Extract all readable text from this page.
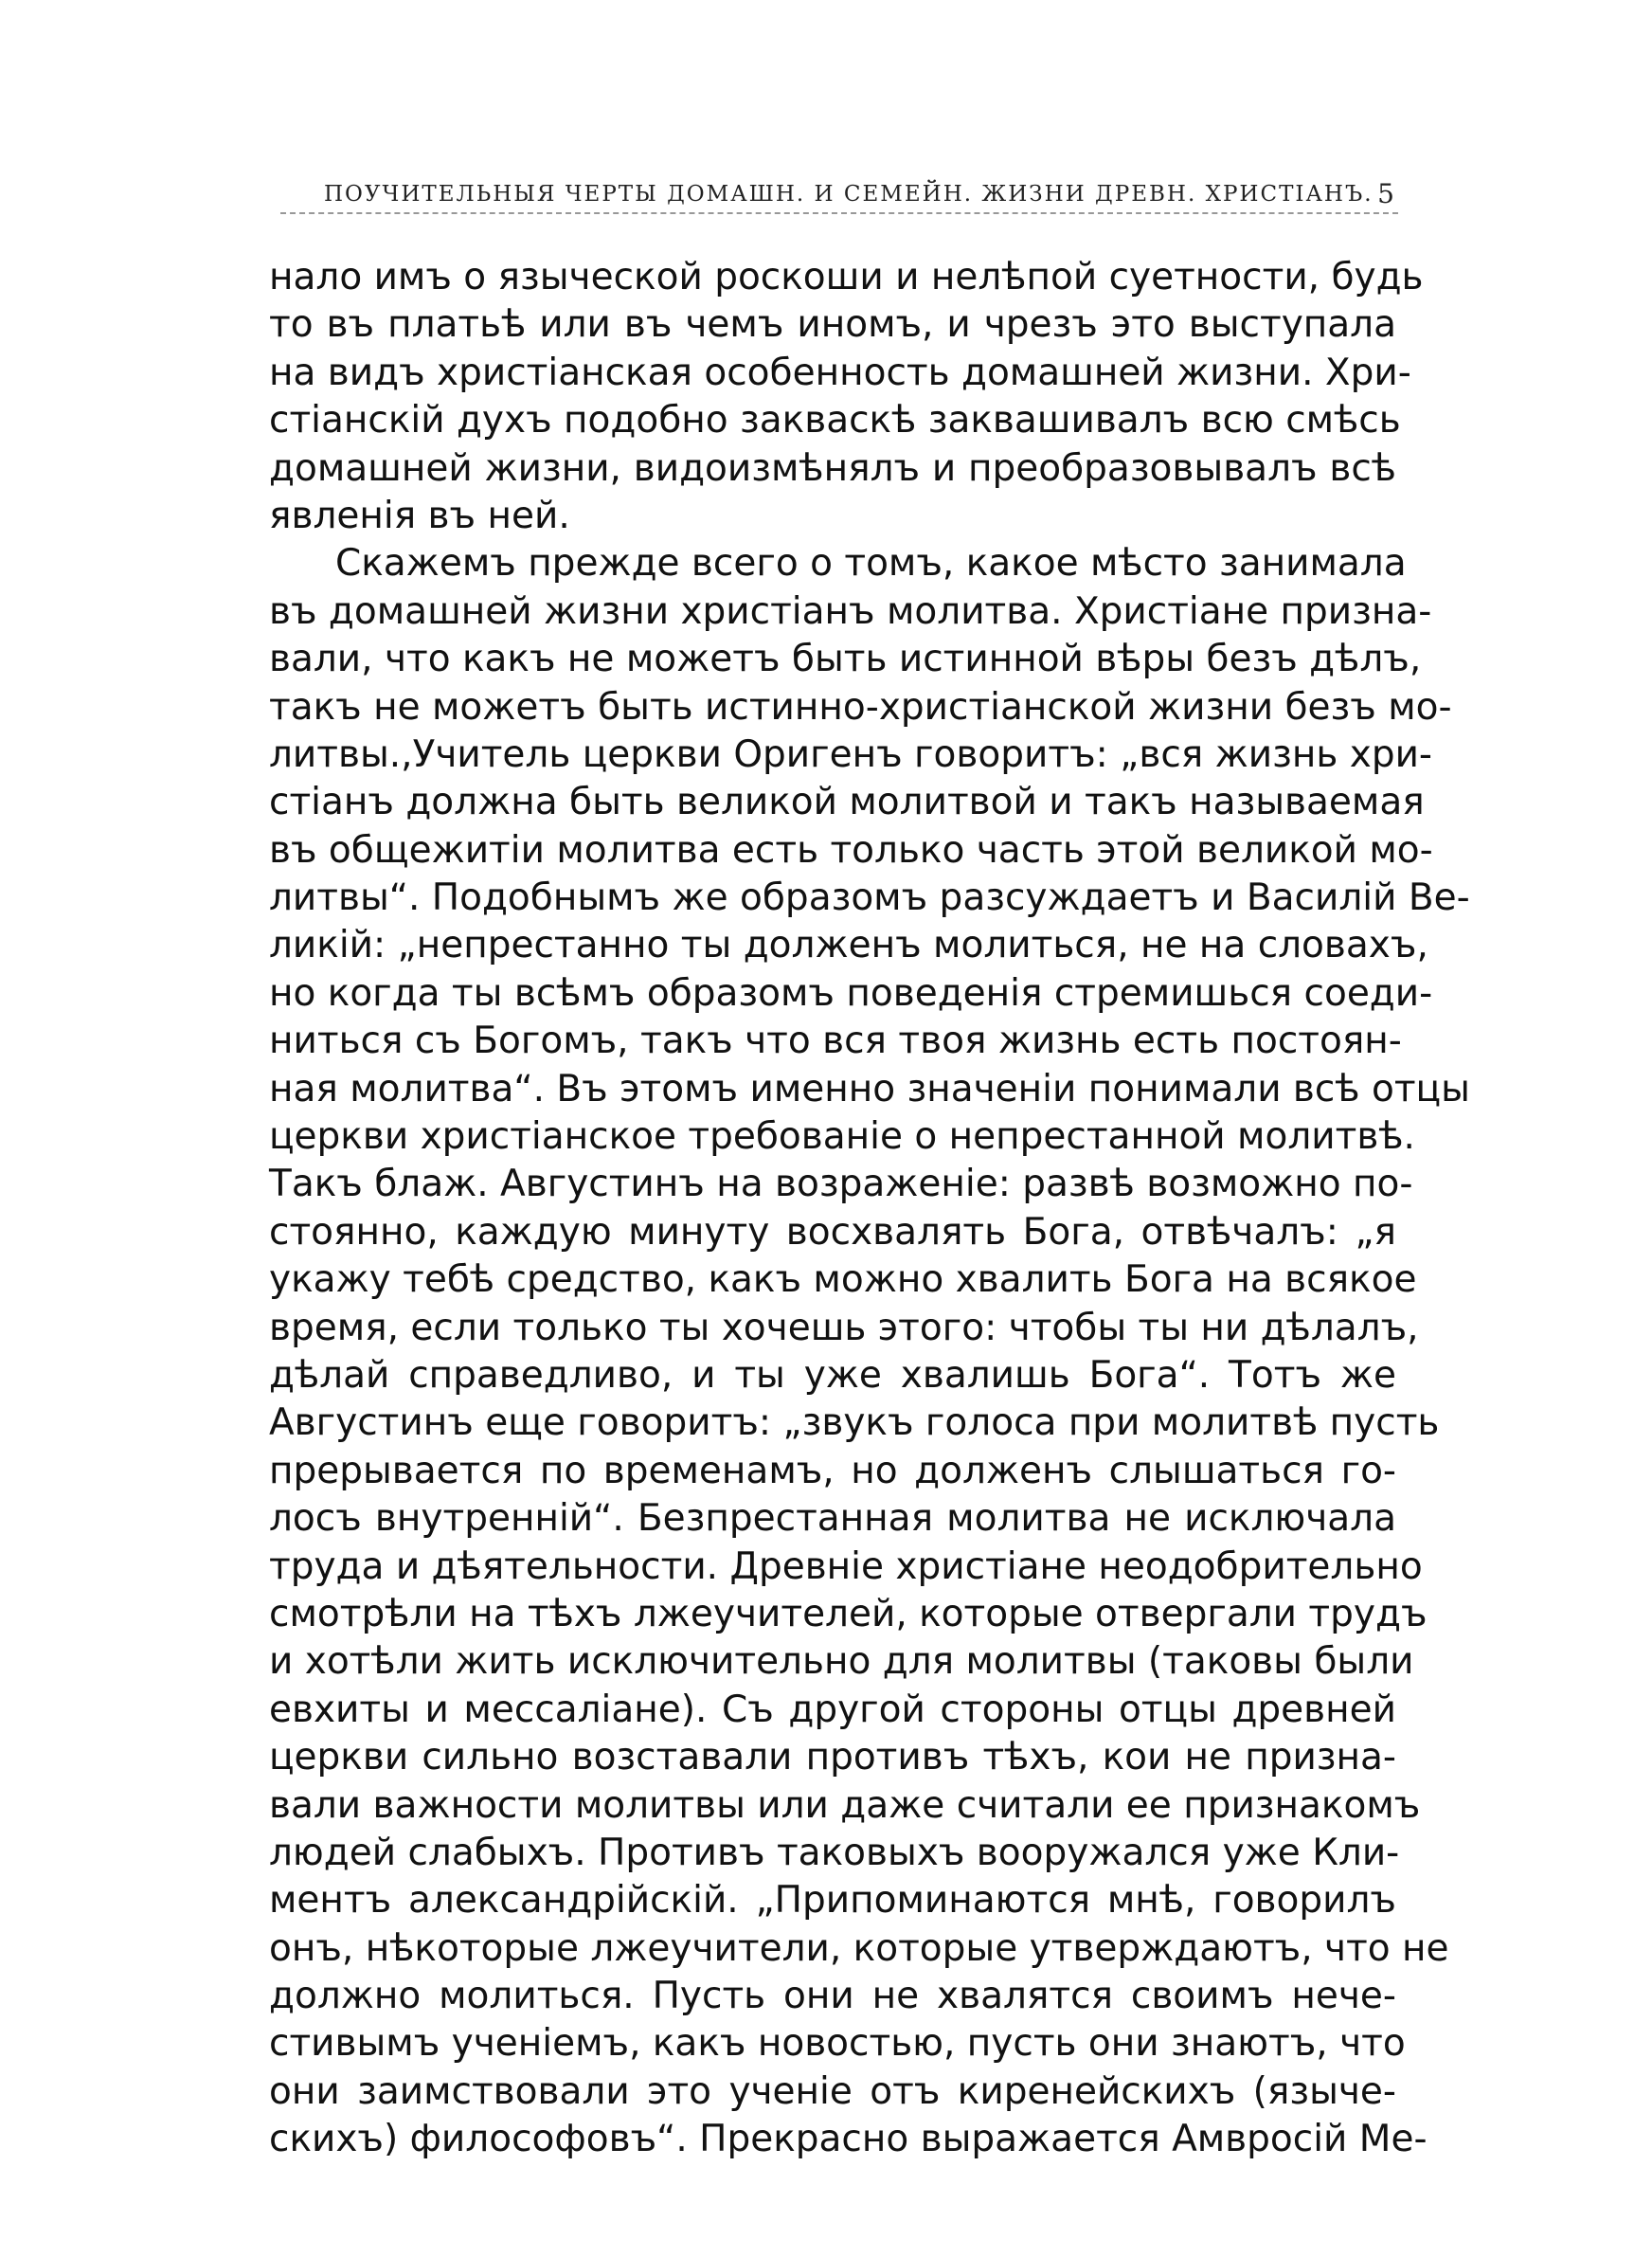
ПОУЧИТЕЛЬНЫЯ ЧЕРТЫ ДОМАШН. И СЕМЕЙН. ЖИЗНИ ДРЕВН. ХРИСТІАНЪ. 5
нало имъ о языческой роскоши и нелѣпой суетности, будь
то въ платьѣ или въ чемъ иномъ, и чрезъ это выступала
на видъ христіанская особенность домашней жизни. Хри-
стіанскій духъ подобно закваскѣ заквашивалъ всю смѣсь
домашней жизни, видоизмѣнялъ и преобразовывалъ всѣ
явленія въ ней.
Скажемъ прежде всего о томъ, какое мѣсто занимала
въ домашней жизни христіанъ молитва. Христіане призна-
вали, что какъ не можетъ быть истинной вѣры безъ дѣлъ,
такъ не можетъ быть истинно-христіанской жизни безъ мо-
литвы.,Учитель церкви Оригенъ говоритъ: „вся жизнь хри-
стіанъ должна быть великой молитвой и такъ называемая
въ общежитіи молитва есть только часть этой великой мо-
литвы“. Подобнымъ же образомъ разсуждаетъ и Василій Ве-
ликій: „непрестанно ты долженъ молиться, не на словахъ,
но когда ты всѣмъ образомъ поведенія стремишься соеди-
ниться съ Богомъ, такъ что вся твоя жизнь есть постоян-
ная молитва“. Въ этомъ именно значеніи понимали всѣ отцы
церкви христіанское требованіе о непрестанной молитвѣ.
Такъ блаж. Августинъ на возраженіе: развѣ возможно по-
стоянно, каждую минуту восхвалять Бога, отвѣчалъ: „я
укажу тебѣ средство, какъ можно хвалить Бога на всякое
время, если только ты хочешь этого: чтобы ты ни дѣлалъ,
дѣлай справедливо, и ты уже хвалишь Бога“. Тотъ же
Августинъ еще говоритъ: „звукъ голоса при молитвѣ пусть
прерывается по временамъ, но долженъ слышаться го-
лосъ внутренній“. Безпрестанная молитва не исключала
труда и дѣятельности. Древніе христіане неодобрительно
смотрѣли на тѣхъ лжеучителей, которые отвергали трудъ
и хотѣли жить исключительно для молитвы (таковы были
евхиты и мессаліане). Съ другой стороны отцы древней
церкви сильно возставали противъ тѣхъ, кои не призна-
вали важности молитвы или даже считали ее признакомъ
людей слабыхъ. Противъ таковыхъ вооружался уже Кли-
ментъ александрійскій. „Припоминаются мнѣ, говорилъ
онъ, нѣкоторые лжеучители, которые утверждаютъ, что не
должно молиться. Пусть они не хвалятся своимъ нече-
стивымъ ученіемъ, какъ новостью, пусть они знаютъ, что
они заимствовали это ученіе отъ киренейскихъ (языче-
скихъ) философовъ“. Прекрасно выражается Амвросій Ме-
